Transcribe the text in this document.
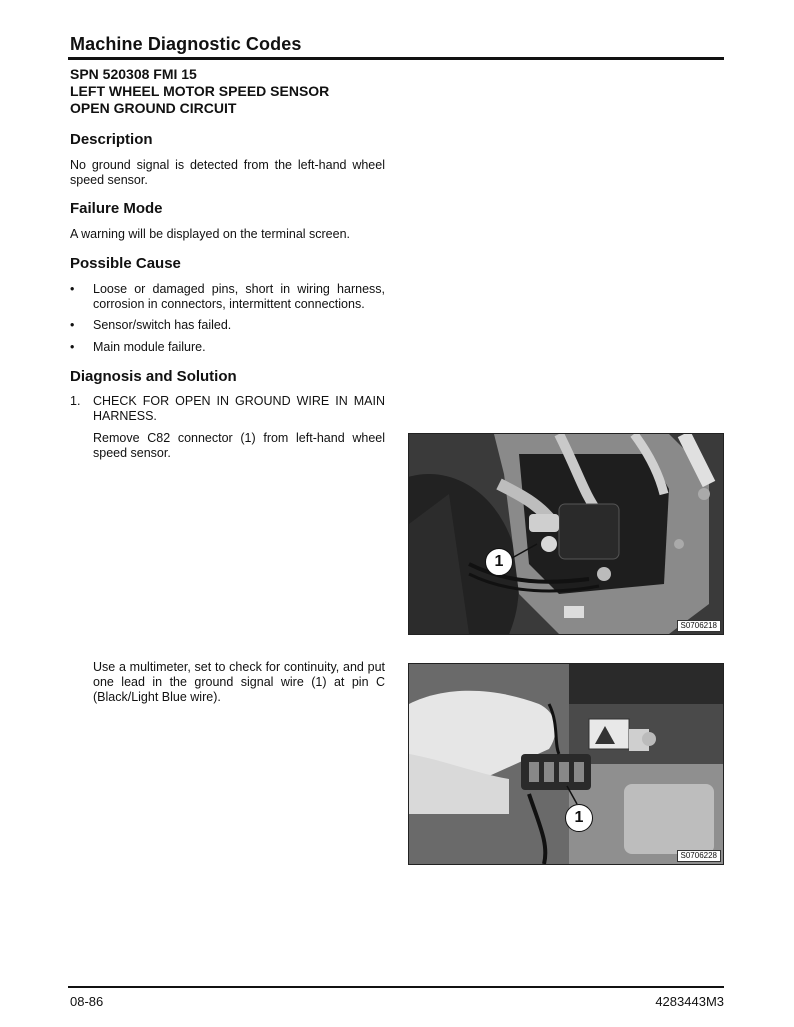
Machine Diagnostic Codes
SPN 520308 FMI 15
LEFT WHEEL MOTOR SPEED SENSOR
OPEN GROUND CIRCUIT
Description
No ground signal is detected from the left-hand wheel speed sensor.
Failure Mode
A warning will be displayed on the terminal screen.
Possible Cause
• Loose or damaged pins, short in wiring harness, corrosion in connectors, intermittent connections.
• Sensor/switch has failed.
• Main module failure.
Diagnosis and Solution
1. CHECK FOR OPEN IN GROUND WIRE IN MAIN HARNESS.
Remove C82 connector (1) from left-hand wheel speed sensor.
Use a multimeter, set to check for continuity, and put one lead in the ground signal wire (1) at pin C (Black/Light Blue wire).
1
S0706218
1
S0706228
08-86	4283443M3
